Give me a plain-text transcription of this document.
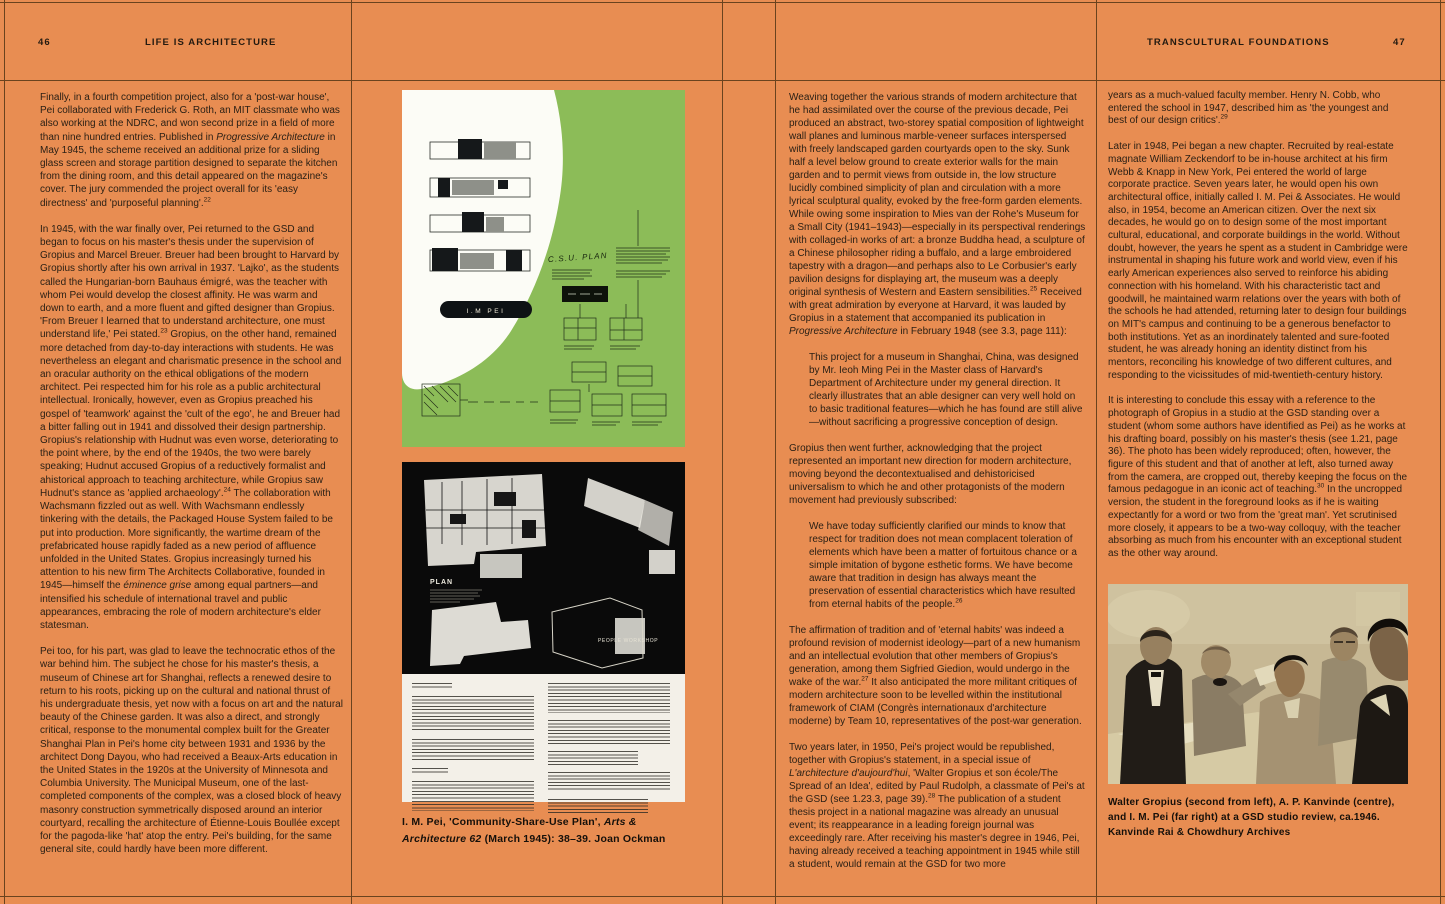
46	LIFE IS ARCHITECTURE	TRANSCULTURAL FOUNDATIONS	47
Finally, in a fourth competition project, also for a 'post-war house', Pei collaborated with Frederick G. Roth, an MIT classmate who was also working at the NDRC, and won second prize in a field of more than nine hundred entries. Published in Progressive Architecture in May 1945, the scheme received an additional prize for a sliding glass screen and storage partition designed to separate the kitchen from the dining room, and this detail appeared on the magazine's cover. The jury commended the project overall for its 'easy directness' and 'purposeful planning'.$^{22}$
In 1945, with the war finally over, Pei returned to the GSD and began to focus on his master's thesis under the supervision of Gropius and Marcel Breuer. Breuer had been brought to Harvard by Gropius shortly after his own arrival in 1937. 'Lajko', as the students called the Hungarian-born Bauhaus émigré, was the teacher with whom Pei would develop the closest affinity. He was warm and down to earth, and a more fluent and gifted designer than Gropius. 'From Breuer I learned that to understand architecture, one must understand life,' Pei stated.$^{23}$ Gropius, on the other hand, remained more detached from day-to-day interactions with students. He was nevertheless an elegant and charismatic presence in the school and an oracular authority on the ethical obligations of the modern architect. Pei respected him for his role as a public architectural intellectual. Ironically, however, even as Gropius preached his gospel of 'teamwork' against the 'cult of the ego', he and Breuer had a bitter falling out in 1941 and dissolved their design partnership. Gropius's relationship with Hudnut was even worse, deteriorating to the point where, by the end of the 1940s, the two were barely speaking; Hudnut accused Gropius of a reductively formalist and ahistorical approach to teaching architecture, while Gropius saw Hudnut's stance as 'applied archaeology'.$^{24}$ The collaboration with Wachsmann fizzled out as well. With Wachsmann endlessly tinkering with the details, the Packaged House System failed to be put into production. More significantly, the wartime dream of the prefabricated house rapidly faded as a new period of affluence unfolded in the United States. Gropius increasingly turned his attention to his new firm The Architects Collaborative, founded in 1945—himself the éminence grise among equal partners—and intensified his schedule of international travel and public appearances, embracing the role of modern architecture's elder statesman.
Pei too, for his part, was glad to leave the technocratic ethos of the war behind him. The subject he chose for his master's thesis, a museum of Chinese art for Shanghai, reflects a renewed desire to return to his roots, picking up on the cultural and national thrust of his undergraduate thesis, yet now with a focus on art and the natural beauty of the Chinese garden. It was also a direct, and strongly critical, response to the monumental complex built for the Greater Shanghai Plan in Pei's home city between 1931 and 1936 by the architect Dong Dayou, who had received a Beaux-Arts education in the United States in the 1920s at the University of Minnesota and Columbia University. The Municipal Museum, one of the last-completed components of the complex, was a closed block of heavy masonry construction symmetrically disposed around an interior courtyard, recalling the architecture of Étienne-Louis Boullée except for the pagoda-like 'hat' atop the entry. Pei's building, for the same general site, could hardly have been more different.
I.M PEI
C.S.U. PLAN
PLAN
PEOPLE WORKSHOP
I. M. Pei, 'Community-Share-Use Plan', Arts & Architecture 62 (March 1945): 38–39. Joan Ockman
Weaving together the various strands of modern architecture that he had assimilated over the course of the previous decade, Pei produced an abstract, two-storey spatial composition of lightweight wall planes and luminous marble-veneer surfaces interspersed with freely landscaped garden courtyards open to the sky. Sunk half a level below ground to create exterior walls for the main garden and to permit views from outside in, the low structure lucidly combined simplicity of plan and circulation with a more lyrical sculptural quality, evoked by the free-form garden elements. While owing some inspiration to Mies van der Rohe's Museum for a Small City (1941–1943)—especially in its perspectival renderings with collaged-in works of art: a bronze Buddha head, a sculpture of a Chinese philosopher riding a buffalo, and a large embroidered tapestry with a dragon—and perhaps also to Le Corbusier's early pavilion designs for displaying art, the museum was a deeply original synthesis of Western and Eastern sensibilities.$^{25}$ Received with great admiration by everyone at Harvard, it was lauded by Gropius in a statement that accompanied its publication in Progressive Architecture in February 1948 (see 3.3, page 111):
This project for a museum in Shanghai, China, was designed by Mr. Ieoh Ming Pei in the Master class of Harvard's Department of Architecture under my general direction. It clearly illustrates that an able designer can very well hold on to basic traditional features—which he has found are still alive—without sacrificing a progressive conception of design.
Gropius then went further, acknowledging that the project represented an important new direction for modern architecture, moving beyond the decontextualised and dehistoricised universalism to which he and other protagonists of the modern movement had previously subscribed:
We have today sufficiently clarified our minds to know that respect for tradition does not mean complacent toleration of elements which have been a matter of fortuitous chance or a simple imitation of bygone esthetic forms. We have become aware that tradition in design has always meant the preservation of essential characteristics which have resulted from eternal habits of the people.$^{26}$
The affirmation of tradition and of 'eternal habits' was indeed a profound revision of modernist ideology—part of a new humanism and an intellectual evolution that other members of Gropius's generation, among them Sigfried Giedion, would undergo in the wake of the war.$^{27}$ It also anticipated the more militant critiques of modern architecture soon to be levelled within the institutional framework of CIAM (Congrès internationaux d'architecture moderne) by Team 10, representatives of the post-war generation.
Two years later, in 1950, Pei's project would be republished, together with Gropius's statement, in a special issue of L'architecture d'aujourd'hui, 'Walter Gropius et son école/The Spread of an Idea', edited by Paul Rudolph, a classmate of Pei's at the GSD (see 1.23.3, page 39).$^{28}$ The publication of a student thesis project in a national magazine was already an unusual event; its reappearance in a leading foreign journal was exceedingly rare. After receiving his master's degree in 1946, Pei, having already received a teaching appointment in 1945 while still a student, would remain at the GSD for two more
years as a much-valued faculty member. Henry N. Cobb, who entered the school in 1947, described him as 'the youngest and best of our design critics'.$^{29}$
Later in 1948, Pei began a new chapter. Recruited by real-estate magnate William Zeckendorf to be in-house architect at his firm Webb & Knapp in New York, Pei entered the world of large corporate practice. Seven years later, he would open his own architectural office, initially called I. M. Pei & Associates. He would also, in 1954, become an American citizen. Over the next six decades, he would go on to design some of the most important cultural, educational, and corporate buildings in the world. Without doubt, however, the years he spent as a student in Cambridge were instrumental in shaping his future work and world view, even if his early American experiences also served to reinforce his abiding connection with his homeland. With his characteristic tact and goodwill, he maintained warm relations over the years with both of the schools he had attended, returning later to design four buildings on MIT's campus and continuing to be a generous benefactor to both institutions. Yet as an inordinately talented and sure-footed student, he was already honing an identity distinct from his mentors, reconciling his knowledge of two different cultures, and responding to the vicissitudes of mid-twentieth-century history.
It is interesting to conclude this essay with a reference to the photograph of Gropius in a studio at the GSD standing over a student (whom some authors have identified as Pei) as he works at his drafting board, possibly on his master's thesis (see 1.21, page 36). The photo has been widely reproduced; often, however, the figure of this student and that of another at left, also turned away from the camera, are cropped out, thereby keeping the focus on the famous pedagogue in an iconic act of teaching.$^{30}$ In the uncropped version, the student in the foreground looks as if he is waiting expectantly for a word or two from the 'great man'. Yet scrutinised more closely, it appears to be a two-way colloquy, with the teacher absorbing as much from his encounter with an exceptional student as the other way around.
Walter Gropius (second from left), A. P. Kanvinde (centre), and I. M. Pei (far right) at a GSD studio review, ca.1946. Kanvinde Rai & Chowdhury Archives
